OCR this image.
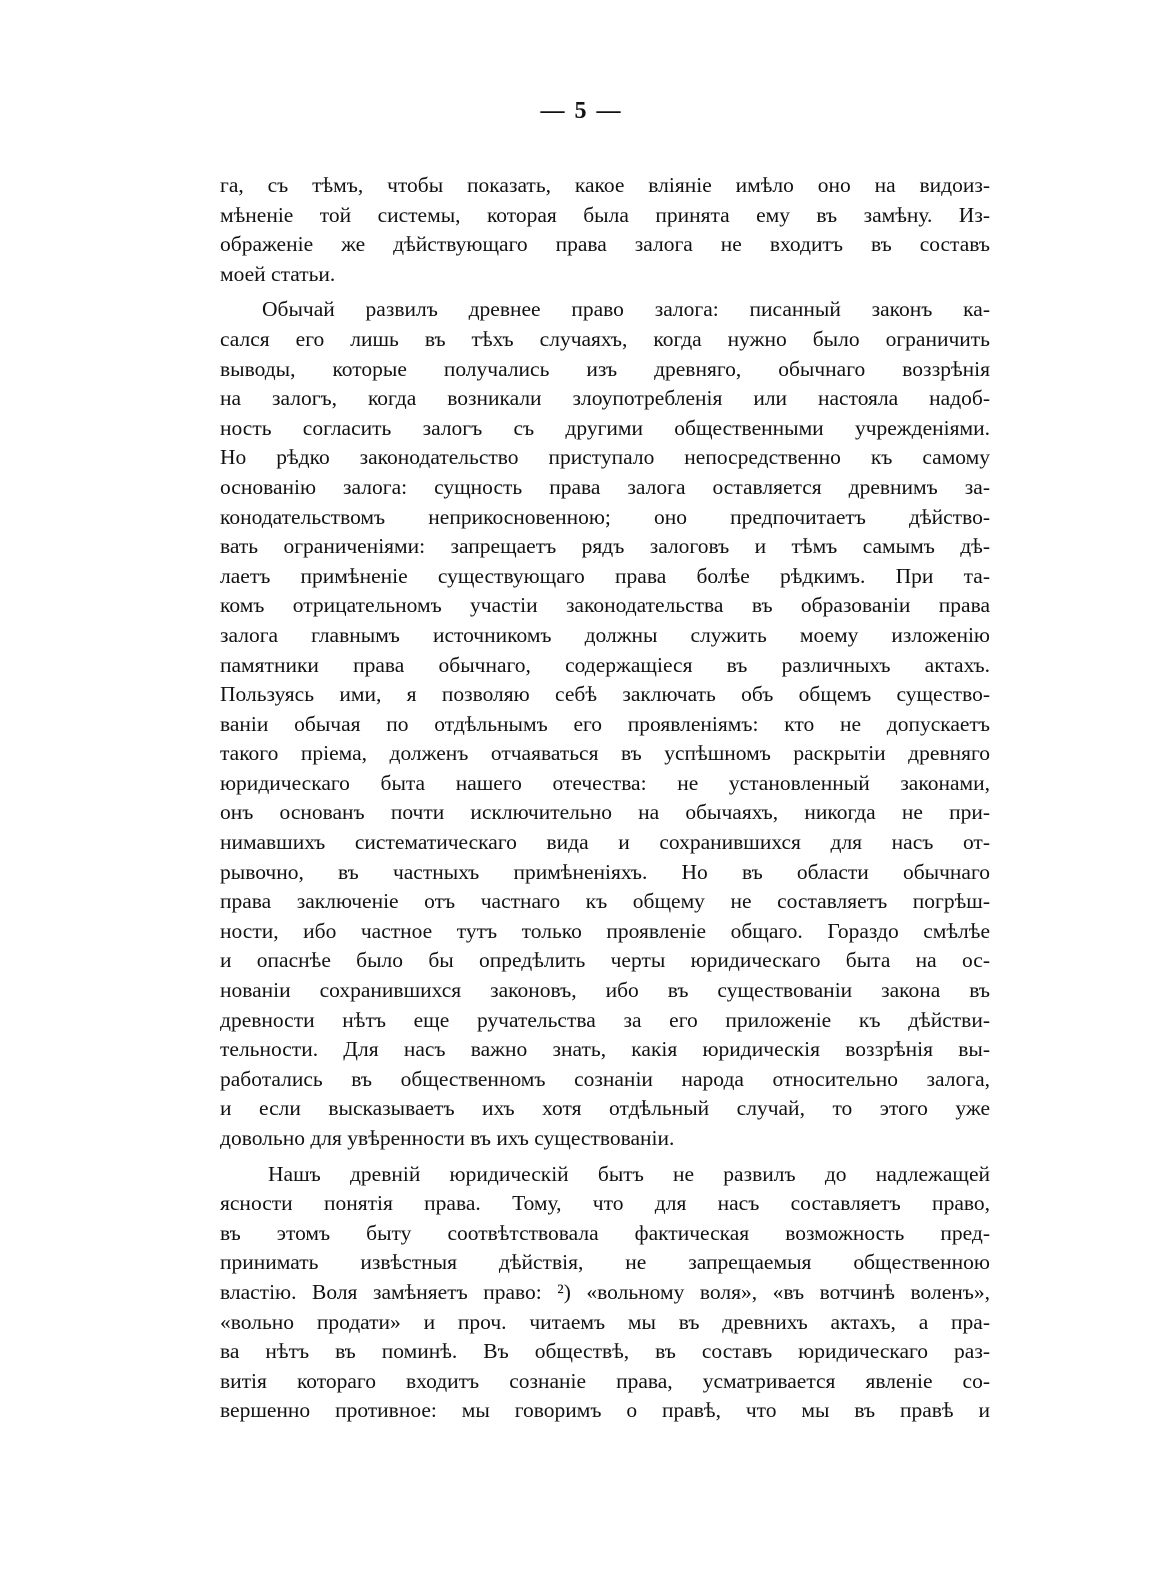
— 5 —
га, съ тѣмъ, чтобы показать, какое вліяніе имѣло оно на видоиз-
мѣненіе той системы, которая была принята ему въ замѣну. Из-
ображеніе же дѣйствующаго права залога не входитъ въ составъ
моей статьи.
Обычай развилъ древнее право залога: писанный законъ ка-
сался его лишь въ тѣхъ случаяхъ, когда нужно было ограничить
выводы, которые получались изъ древняго, обычнаго воззрѣнія
на залогъ, когда возникали злоупотребленія или настояла надоб-
ность согласить залогъ съ другими общественными учрежденіями.
Но рѣдко законодательство приступало непосредственно къ самому
основанію залога: сущность права залога оставляется древнимъ за-
конодательствомъ неприкосновенною; оно предпочитаетъ дѣйство-
вать ограниченіями: запрещаетъ рядъ залоговъ и тѣмъ самымъ дѣ-
лаетъ примѣненіе существующаго права болѣе рѣдкимъ. При та-
комъ отрицательномъ участіи законодательства въ образованіи права
залога главнымъ источникомъ должны служить моему изложенію
памятники права обычнаго, содержащіеся въ различныхъ актахъ.
Пользуясь ими, я позволяю себѣ заключать объ общемъ существо-
ваніи обычая по отдѣльнымъ его проявленіямъ: кто не допускаетъ
такого пріема, долженъ отчаяваться въ успѣшномъ раскрытіи древняго
юридическаго быта нашего отечества: не установленный законами,
онъ основанъ почти исключительно на обычаяхъ, никогда не при-
нимавшихъ систематическаго вида и сохранившихся для насъ от-
рывочно, въ частныхъ примѣненіяхъ. Но въ области обычнаго
права заключеніе отъ частнаго къ общему не составляетъ погрѣш-
ности, ибо частное тутъ только проявленіе общаго. Гораздо смѣлѣе
и опаснѣе было бы опредѣлить черты юридическаго быта на ос-
нованіи сохранившихся законовъ, ибо въ существованіи закона въ
древности нѣтъ еще ручательства за его приложеніе къ дѣйстви-
тельности. Для насъ важно знать, какія юридическія воззрѣнія вы-
работались въ общественномъ сознаніи народа относительно залога,
и если высказываетъ ихъ хотя отдѣльный случай, то этого уже
довольно для увѣренности въ ихъ существованіи.
Нашъ древній юридическій бытъ не развилъ до надлежащей
ясности понятія права. Тому, что для насъ составляетъ право,
въ этомъ быту соотвѣтствовала фактическая возможность пред-
принимать извѣстныя дѣйствія, не запрещаемыя общественною
властію. Воля замѣняетъ право: ²) «вольному воля», «въ вотчинѣ воленъ»,
«вольно продати» и проч. читаемъ мы въ древнихъ актахъ, а пра-
ва нѣтъ въ поминѣ. Въ обществѣ, въ составъ юридическаго раз-
витія котораго входитъ сознаніе права, усматривается явленіе со-
вершенно противное: мы говоримъ о правѣ, что мы въ правѣ и
